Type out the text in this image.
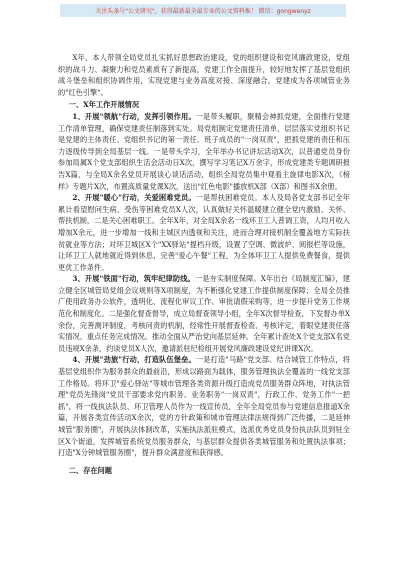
关注头条号"公文研究"，获得最新最全最专业的公文资料推！ 微信：gongwenyz

X年，本人带领全局党员扎实抓好思想政治建设，党的组织建设和党风廉政建设，党组织的战斗力、凝聚力和党员素质有了新提高，党建工作全面提升，较好地发挥了基层党组织战斗堡垒和组织协调作用，实现党建与业务高度对接、深度融合，党建成为各项城管业务的"红色引擎"。

一、X年工作开展情况

1、开展"领航"行动，发挥引领作用。一是带头履职，聚精会神抓党建，全面推行党建工作清单管理，确保党建责任制落到实处。局党组制定党建责任清单，层层落实党组织书记是党建的主体责任、党组织书记的第一责任、班子成员的"一岗双责"，把抓党建的责任和压力逐级传导到全局基层一线。一是带头学习，全年举办书记讲坛活动X次，以普通党员身份参加局属X个党支部组织生活会活动日X次，撰写学习笔记X万余字，形成党建类专题调研报告X篇，与全局X余名党员开展谈心谈话活动，组织全局党员集中观看主旋律电影X次，《榜样》专题片X次，布置高质量党课X次，送出"红色电影"播放机X部（X部）和图书X余册。

2、开展"暖心"行动，关爱困难党员。一是帮扶困难党员。本人及局各党支部书记全年累计看望慰问生病、受伤等困难党员X人次，认真做好关怀温暖建立健全党内激励、关怀、帮扶机制，二是关心困难职工。全年X年，对全局X余名一线环卫工人普调工资，人均月收入增加X余元，进一步增加一线和主城区内透视和关注，进而合理对接机制全覆盖地方实际扶贫就业等方法；对环卫城区X个"XX驿站"提档升级，设置了空调、微波炉、阅报栏等设施，让环卫工人就地就近得到休息，完善"爱心午餐"工程，为全体环卫工人提供免费餐食，提供更优工作条件。

3、开展"铁面"行动，筑牢纪律防线。一是夯实制度保障。X年出台《局制度汇编》，建立健全区城管局党组会议规则等X项制度，为不断强化党建工作提供制度保障；全局全员推广使用政务办公软件，透明化、流程化审议工作、审批请假采购等，进一步提升党务工作规范化和制度化。二是强化督查督导，成立局督查领导小组，全年X次督导检查，下发督办单X余份，完善测评制度，考核问责的机制，经常性开展督查检查、考核评定，着眼党建责任落实情况、重点任务完成情况。推动全面从严治党向基层延伸。全年累计查处X个党支部X名党员违规X余条，约谈党员X人次，邀请派驻纪检组开展党风廉政建设党纪讲课X次。

4、开展"劲旅"行动，打造队伍堡垒。一是打造"马路"党支部。结合城管工作特点，将基层党组织作为服务群众的最前沿，形成以路面为载体，服务管理执法全覆盖的一线党支部工作格局。将环卫"爱心驿站"等城市管理各类资源升级打造成党员服务群众阵地，对执法管理"党员先锋岗"党员干部要求党内职务、业务职务"一岗双责"，行政工作、党务工作"一把抓"，将一线执法队员、环卫管理人员作为一线宣传员，全年全局党员参与党建信息报道X余篇，开展各类宣传活动X余次，党的方针政策和城市管理法律法规得到广泛传播，二是延伸城管"服务圈"，开展执法体制改革，实施执法派驻模式，选派优秀党员身份执法队员到驻全区X个街道，发挥城管系统党员服务群众，与基层群众提供各类城管服务和处置执法事项；打造"X分钟城管服务圈"，提升群众满意度和获得感。

二、存在问题
